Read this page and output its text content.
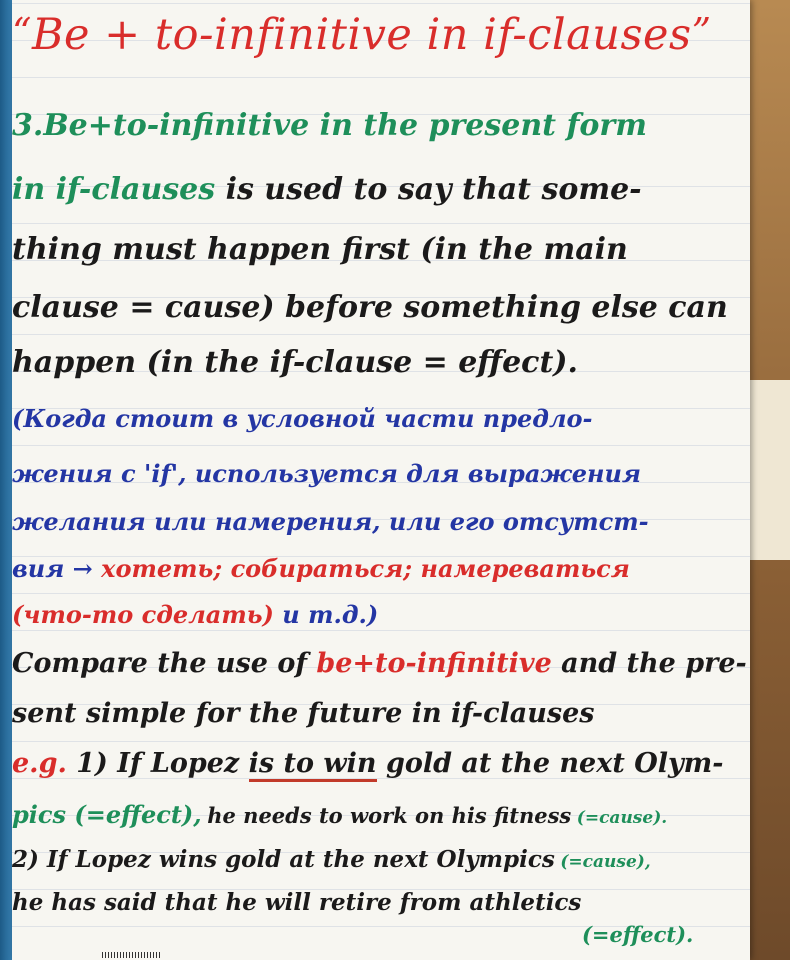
“Be + to-infinitive in if-clauses”
3.Be+to-infinitive in the present form
in if-clauses is used to say that some-
thing must happen first (in the main
clause = cause) before something else can
happen (in the if-clause = effect).
(Когда стоит в условной части предло-
жения с 'if', используется для выражения
желания или намерения, или его отсутст-
вия → хотеть; собираться; намереваться
(что-то сделать) и т.д.)
Compare the use of be+to-infinitive and the pre-
sent simple for the future in if-clauses
e.g. 1) If Lopez is to win gold at the next Olym-
pics (=effect), he needs to work on his fitness (=cause).
2) If Lopez wins gold at the next Olympics (=cause),
he has said that he will retire from athletics
(=effect).
